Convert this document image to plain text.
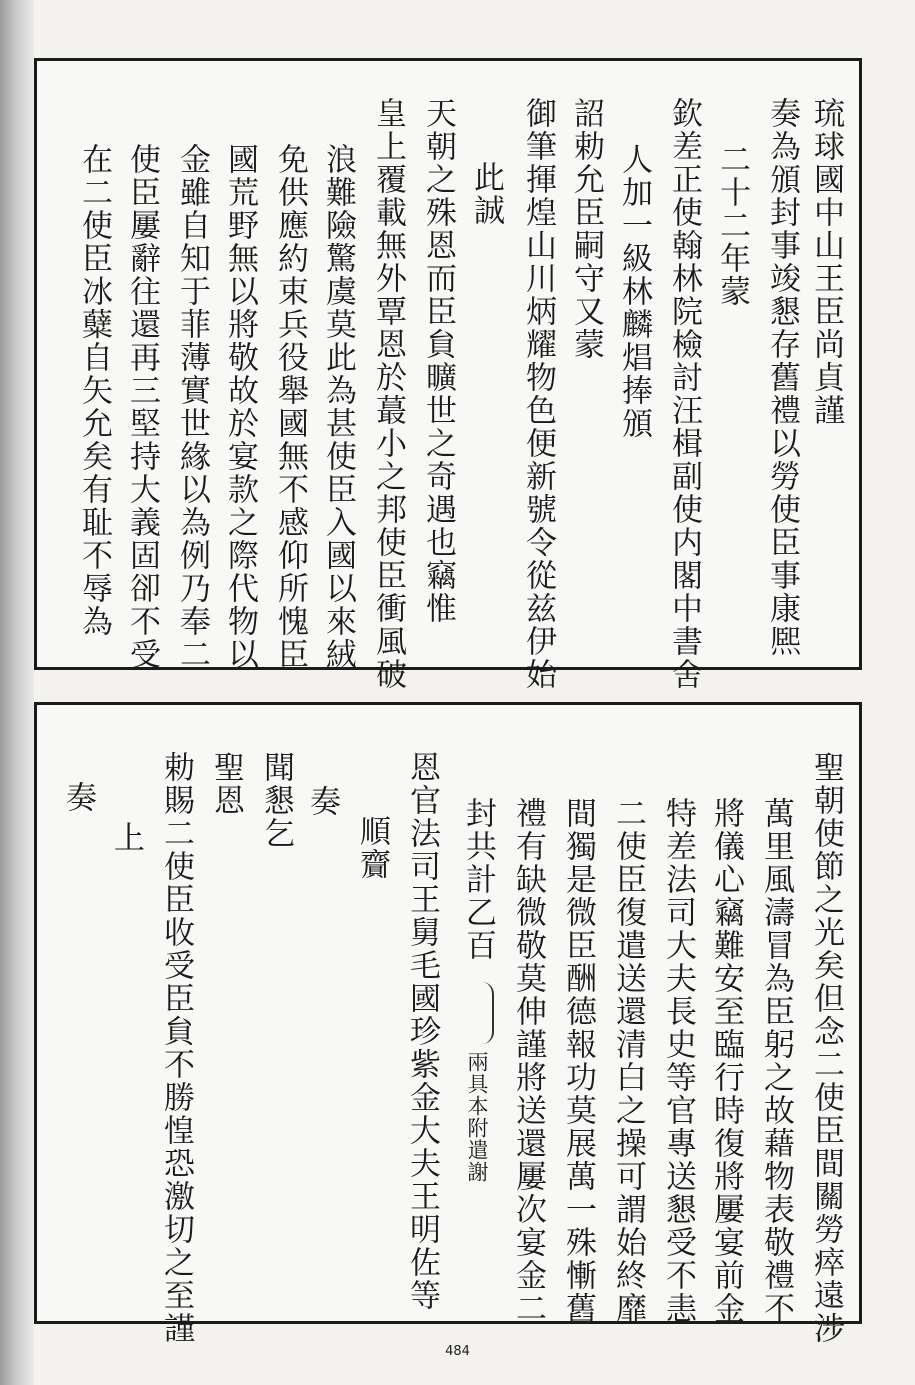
琉球國中山王臣尚貞謹
奏為頒封事竣懇存舊禮以勞使臣事康熈
二十二年蒙
欽差正使翰林院檢討汪楫副使内閣中書舍
人加一級林麟焻捧頒
詔勅允臣嗣守又蒙
御筆揮煌山川炳耀物色便新號令從兹伊始
此誠
天朝之殊恩而臣貟曠世之奇遇也竊惟
皇上覆載無外覃恩於蕞小之邦使臣衝風破
浪難險驚虞莫此為甚使臣入國以來絨
免供應約束兵役舉國無不感仰所愧臣
國荒野無以將敬故於宴款之際代物以
金雖自知于菲薄實世緣以為例乃奉二
使臣屢辭往還再三堅持大義固卻不受
在二使臣冰糵自矢允矣有耻不辱為
聖朝使節之光矣但念二使臣間關勞瘁遠涉
萬里風濤冒為臣躬之故藉物表敬禮不
將儀心竊難安至臨行時復將屢宴前金
特差法司大夫長史等官專送懇受不恚
二使臣復遣送還清白之操可謂始終靡
間獨是微臣酬德報功莫展萬一殊慚舊
禮有缺微敬莫伸謹將送還屢次宴金二
封共計乙百
兩具本附遣謝
恩官法司王舅毛國珍紫金大夫王明佐等
順齎
奏
聞懇乞
聖恩
勅賜二使臣收受臣貟不勝惶恐激切之至謹
上
奏
484
